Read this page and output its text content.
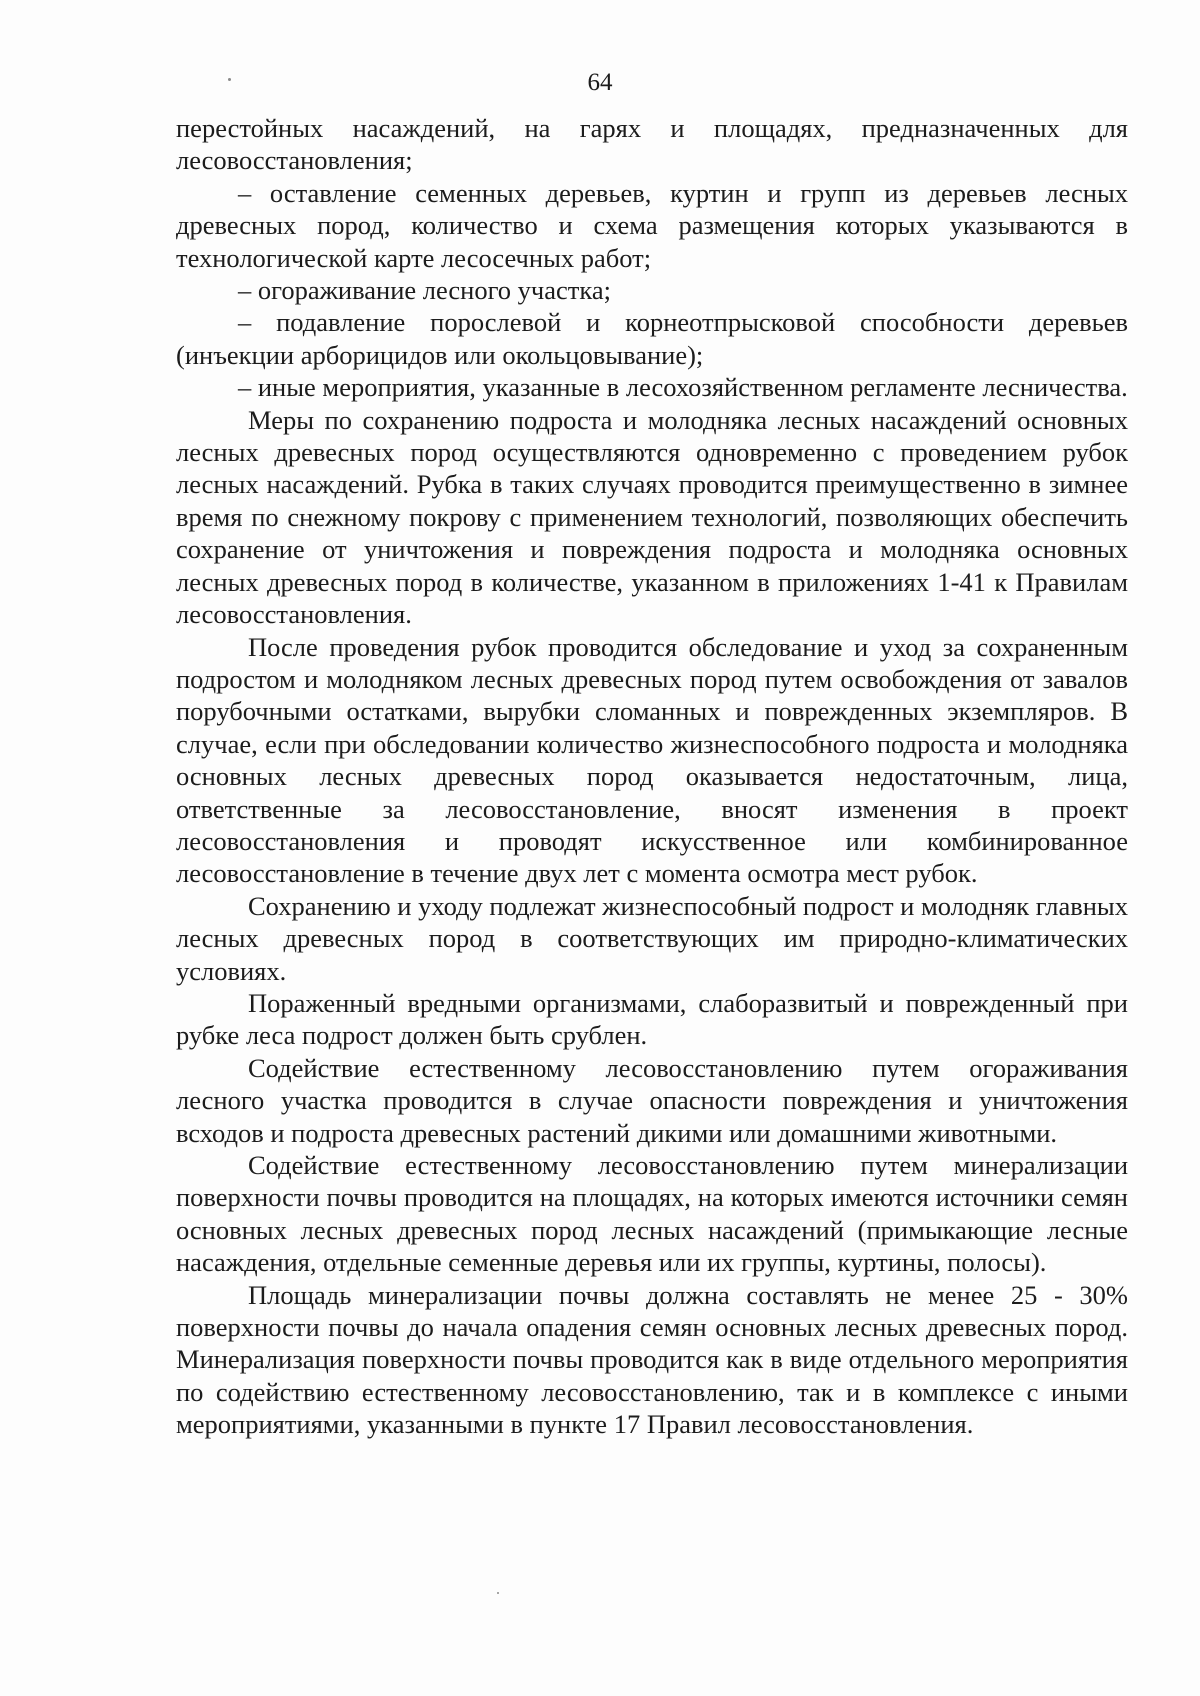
64

перестойных насаждений, на гарях и площадях, предназначенных для лесовосстановления;

– оставление семенных деревьев, куртин и групп из деревьев лесных древесных пород, количество и схема размещения которых указываются в технологической карте лесосечных работ;

– огораживание лесного участка;

– подавление порослевой и корнеотпрысковой способности деревьев (инъекции арборицидов или окольцовывание);

– иные мероприятия, указанные в лесохозяйственном регламенте лесничества.

Меры по сохранению подроста и молодняка лесных насаждений основных лесных древесных пород осуществляются одновременно с проведением рубок лесных насаждений. Рубка в таких случаях проводится преимущественно в зимнее время по снежному покрову с применением технологий, позволяющих обеспечить сохранение от уничтожения и повреждения подроста и молодняка основных лесных древесных пород в количестве, указанном в приложениях 1-41 к Правилам лесовосстановления.

После проведения рубок проводится обследование и уход за сохраненным подростом и молодняком лесных древесных пород путем освобождения от завалов порубочными остатками, вырубки сломанных и поврежденных экземпляров. В случае, если при обследовании количество жизнеспособного подроста и молодняка основных лесных древесных пород оказывается недостаточным, лица, ответственные за лесовосстановление, вносят изменения в проект лесовосстановления и проводят искусственное или комбинированное лесовосстановление в течение двух лет с момента осмотра мест рубок.

Сохранению и уходу подлежат жизнеспособный подрост и молодняк главных лесных древесных пород в соответствующих им природно-климатических условиях.

Пораженный вредными организмами, слаборазвитый и поврежденный при рубке леса подрост должен быть срублен.

Содействие естественному лесовосстановлению путем огораживания лесного участка проводится в случае опасности повреждения и уничтожения всходов и подроста древесных растений дикими или домашними животными.

Содействие естественному лесовосстановлению путем минерализации поверхности почвы проводится на площадях, на которых имеются источники семян основных лесных древесных пород лесных насаждений (примыкающие лесные насаждения, отдельные семенные деревья или их группы, куртины, полосы).

Площадь минерализации почвы должна составлять не менее 25 - 30% поверхности почвы до начала опадения семян основных лесных древесных пород. Минерализация поверхности почвы проводится как в виде отдельного мероприятия по содействию естественному лесовосстановлению, так и в комплексе с иными мероприятиями, указанными в пункте 17 Правил лесовосстановления.
